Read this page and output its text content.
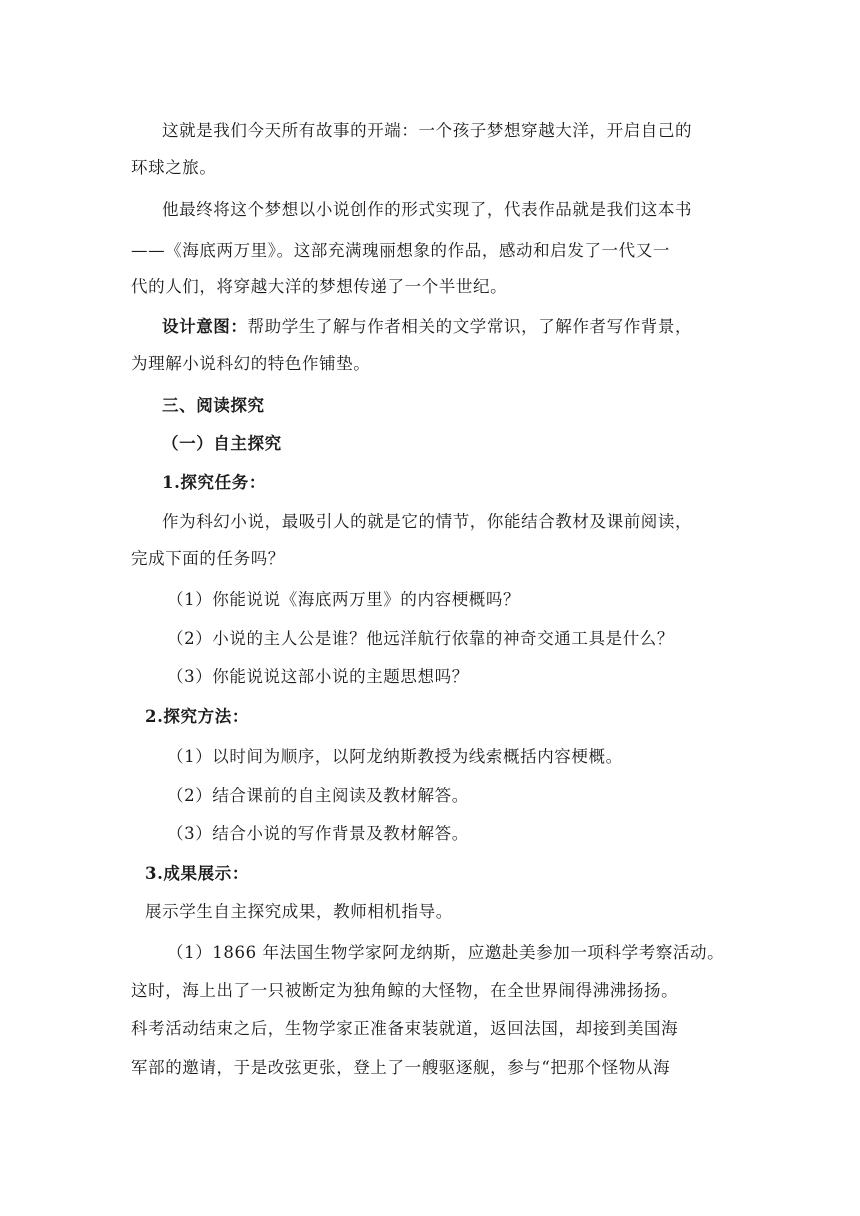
这就是我们今天所有故事的开端：一个孩子梦想穿越大洋，开启自己的
环球之旅。
他最终将这个梦想以小说创作的形式实现了，代表作品就是我们这本书
——《海底两万里》。这部充满瑰丽想象的作品，感动和启发了一代又一
代的人们，将穿越大洋的梦想传递了一个半世纪。
设计意图：帮助学生了解与作者相关的文学常识，了解作者写作背景，
为理解小说科幻的特色作铺垫。
三、阅读探究
（一）自主探究
1.探究任务：
作为科幻小说，最吸引人的就是它的情节，你能结合教材及课前阅读，
完成下面的任务吗？
（1）你能说说《海底两万里》的内容梗概吗？
（2）小说的主人公是谁？他远洋航行依靠的神奇交通工具是什么？
（3）你能说说这部小说的主题思想吗？
2.探究方法：
（1）以时间为顺序，以阿龙纳斯教授为线索概括内容梗概。
（2）结合课前的自主阅读及教材解答。
（3）结合小说的写作背景及教材解答。
3.成果展示：
展示学生自主探究成果，教师相机指导。
（1）1866 年法国生物学家阿龙纳斯，应邀赴美参加一项科学考察活动。
这时，海上出了一只被断定为独角鲸的大怪物，在全世界闹得沸沸扬扬。
科考活动结束之后，生物学家正准备束装就道，返回法国，却接到美国海
军部的邀请，于是改弦更张，登上了一艘驱逐舰，参与“把那个怪物从海
